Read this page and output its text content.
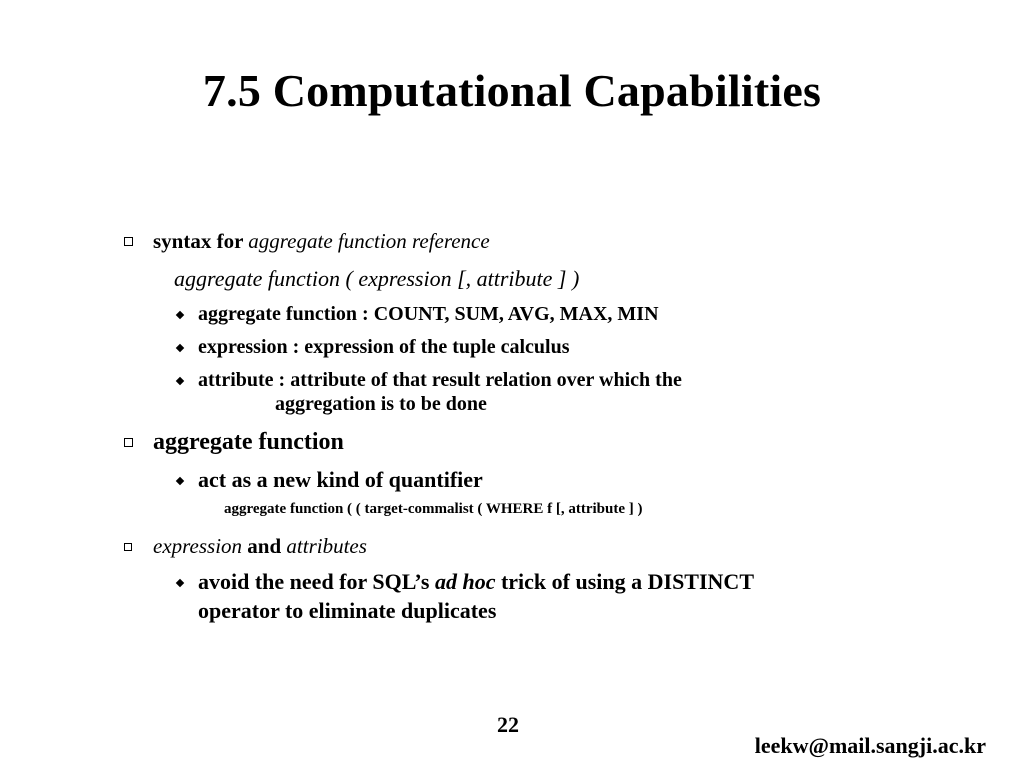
7.5 Computational Capabilities
syntax for aggregate function reference
aggregate function ( expression [, attribute ] )
aggregate function : COUNT, SUM, AVG, MAX, MIN
expression : expression of the tuple calculus
attribute : attribute of that result relation over which the
aggregation is to be done
aggregate function
act as a new kind of quantifier
aggregate function ( ( target-commalist ( WHERE f [, attribute ] )
expression and attributes
avoid the need for SQL’s ad hoc trick of using a DISTINCT
operator to eliminate duplicates
22
leekw@mail.sangji.ac.kr
